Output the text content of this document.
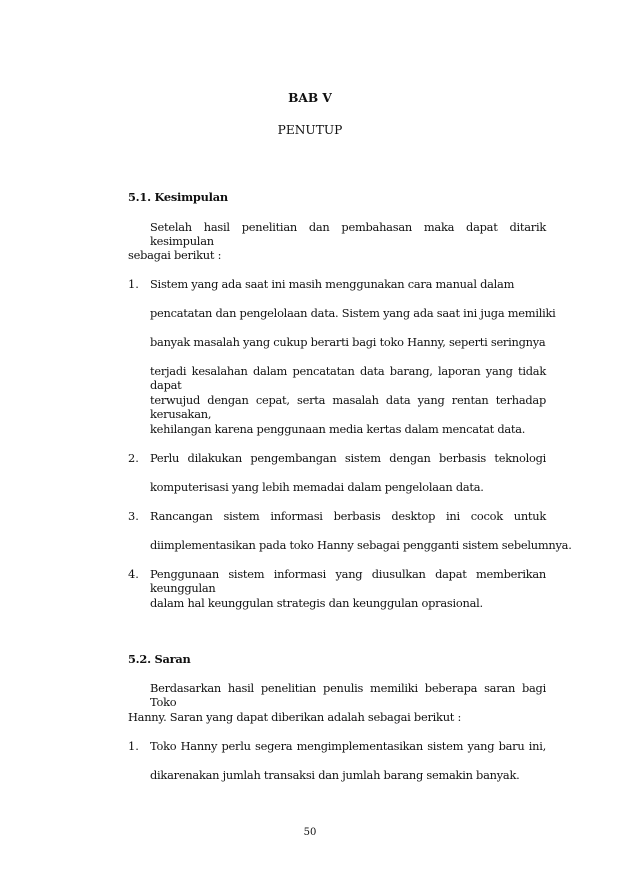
BAB V
PENUTUP
5.1. Kesimpulan
Setelah hasil penelitian dan pembahasan maka dapat ditarik kesimpulan
sebagai berikut :
1. Sistem yang ada saat ini masih menggunakan cara manual dalam
pencatatan dan pengelolaan data. Sistem yang ada saat ini juga memiliki
banyak masalah yang cukup berarti bagi toko Hanny, seperti seringnya
terjadi kesalahan dalam pencatatan data barang, laporan yang tidak dapat
terwujud dengan cepat, serta masalah data yang rentan terhadap kerusakan,
kehilangan karena penggunaan media kertas dalam mencatat data.
2. Perlu dilakukan pengembangan sistem dengan berbasis teknologi
komputerisasi yang lebih memadai dalam pengelolaan data.
3. Rancangan sistem informasi berbasis desktop ini cocok untuk
diimplementasikan pada toko Hanny sebagai pengganti sistem sebelumnya.
4. Penggunaan sistem informasi yang diusulkan dapat memberikan keunggulan
dalam hal keunggulan strategis dan keunggulan oprasional.
5.2. Saran
Berdasarkan hasil penelitian penulis memiliki beberapa saran bagi Toko
Hanny. Saran yang dapat diberikan adalah sebagai berikut :
1. Toko Hanny perlu segera mengimplementasikan sistem yang baru ini,
dikarenakan jumlah transaksi dan jumlah barang semakin banyak.
50
